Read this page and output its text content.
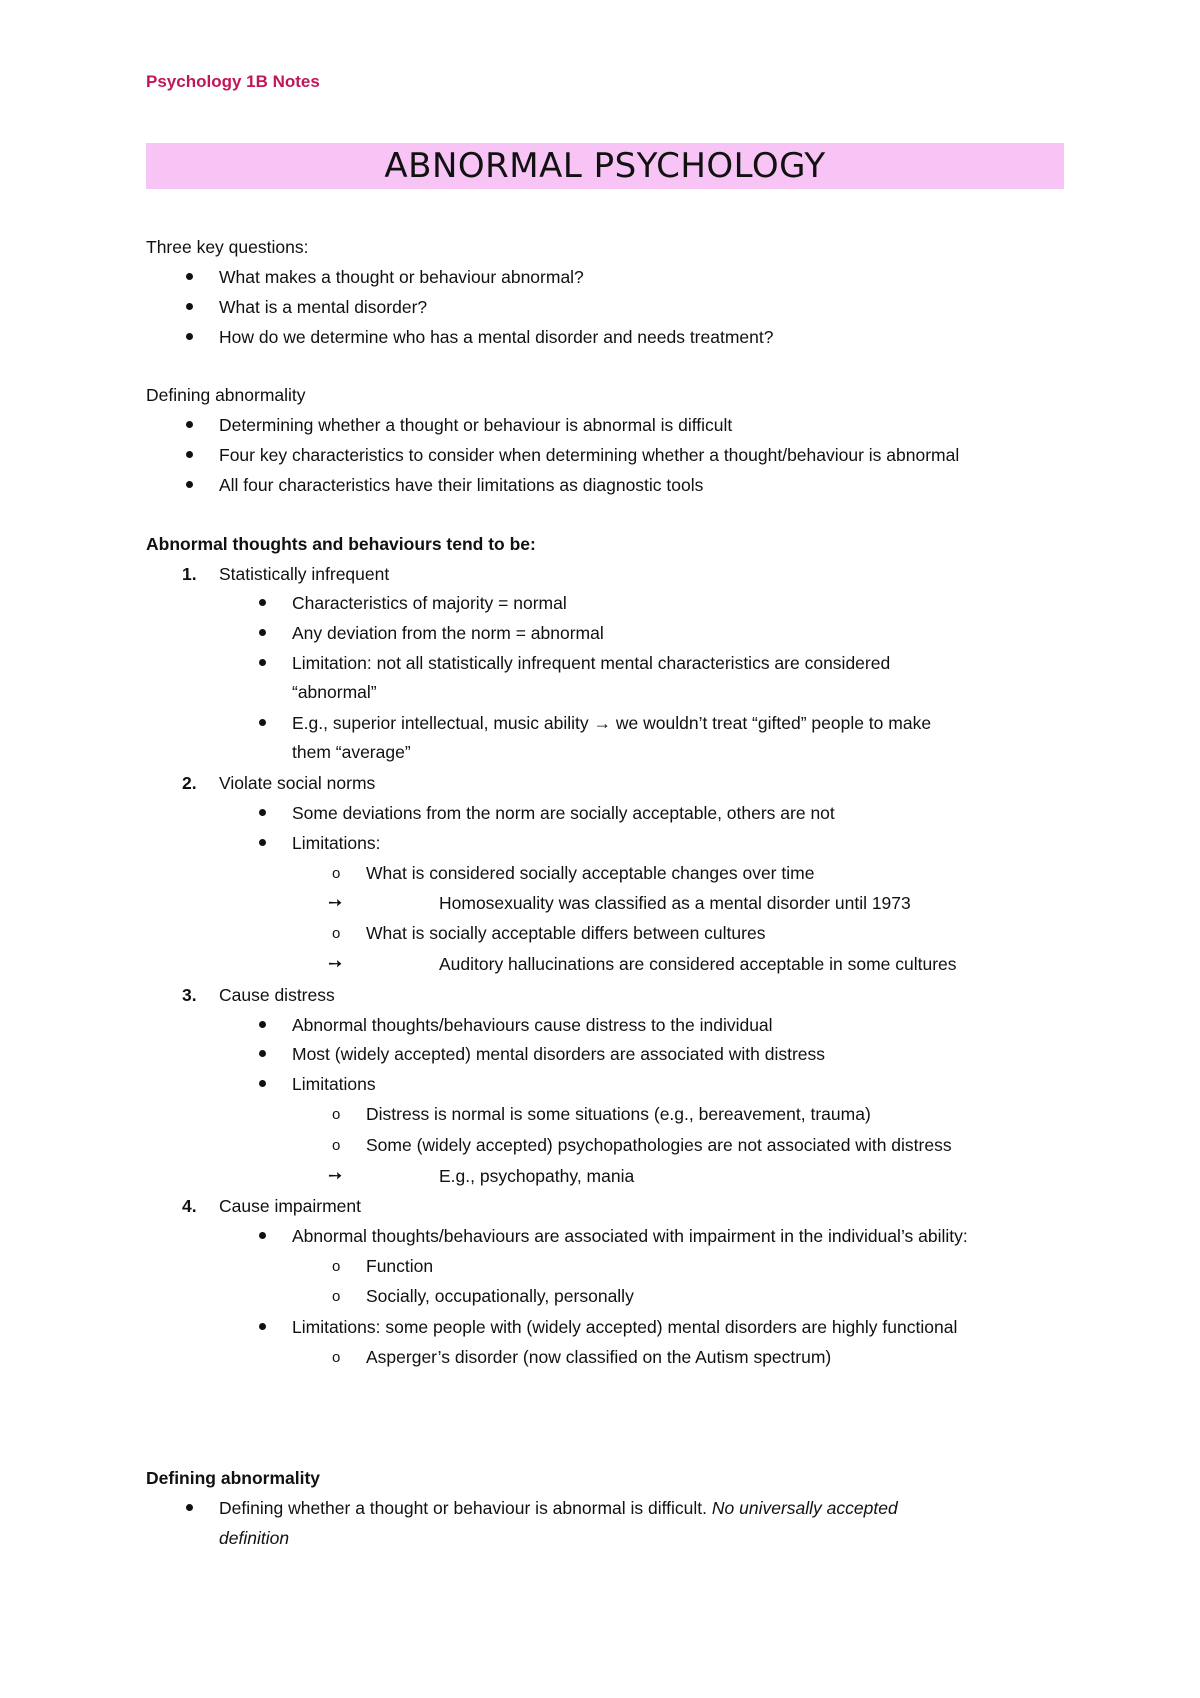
Psychology 1B Notes
ABNORMAL PSYCHOLOGY
Three key questions:
What makes a thought or behaviour abnormal?
What is a mental disorder?
How do we determine who has a mental disorder and needs treatment?
Defining abnormality
Determining whether a thought or behaviour is abnormal is difficult
Four key characteristics to consider when determining whether a thought/behaviour is abnormal
All four characteristics have their limitations as diagnostic tools
Abnormal thoughts and behaviours tend to be:
1. Statistically infrequent
Characteristics of majority = normal
Any deviation from the norm = abnormal
Limitation: not all statistically infrequent mental characteristics are considered
“abnormal”
E.g., superior intellectual, music ability → we wouldn’t treat “gifted” people to make
them “average”
2. Violate social norms
Some deviations from the norm are socially acceptable, others are not
Limitations:
o What is considered socially acceptable changes over time
➙	Homosexuality was classified as a mental disorder until 1973
o What is socially acceptable differs between cultures
➙	Auditory hallucinations are considered acceptable in some cultures
3. Cause distress
Abnormal thoughts/behaviours cause distress to the individual
Most (widely accepted) mental disorders are associated with distress
Limitations
o Distress is normal is some situations (e.g., bereavement, trauma)
o Some (widely accepted) psychopathologies are not associated with distress
➙	E.g., psychopathy, mania
4. Cause impairment
Abnormal thoughts/behaviours are associated with impairment in the individual’s ability:
o Function
o Socially, occupationally, personally
Limitations: some people with (widely accepted) mental disorders are highly functional
o Asperger’s disorder (now classified on the Autism spectrum)
Defining abnormality
Defining whether a thought or behaviour is abnormal is difficult. No universally accepted
definition
